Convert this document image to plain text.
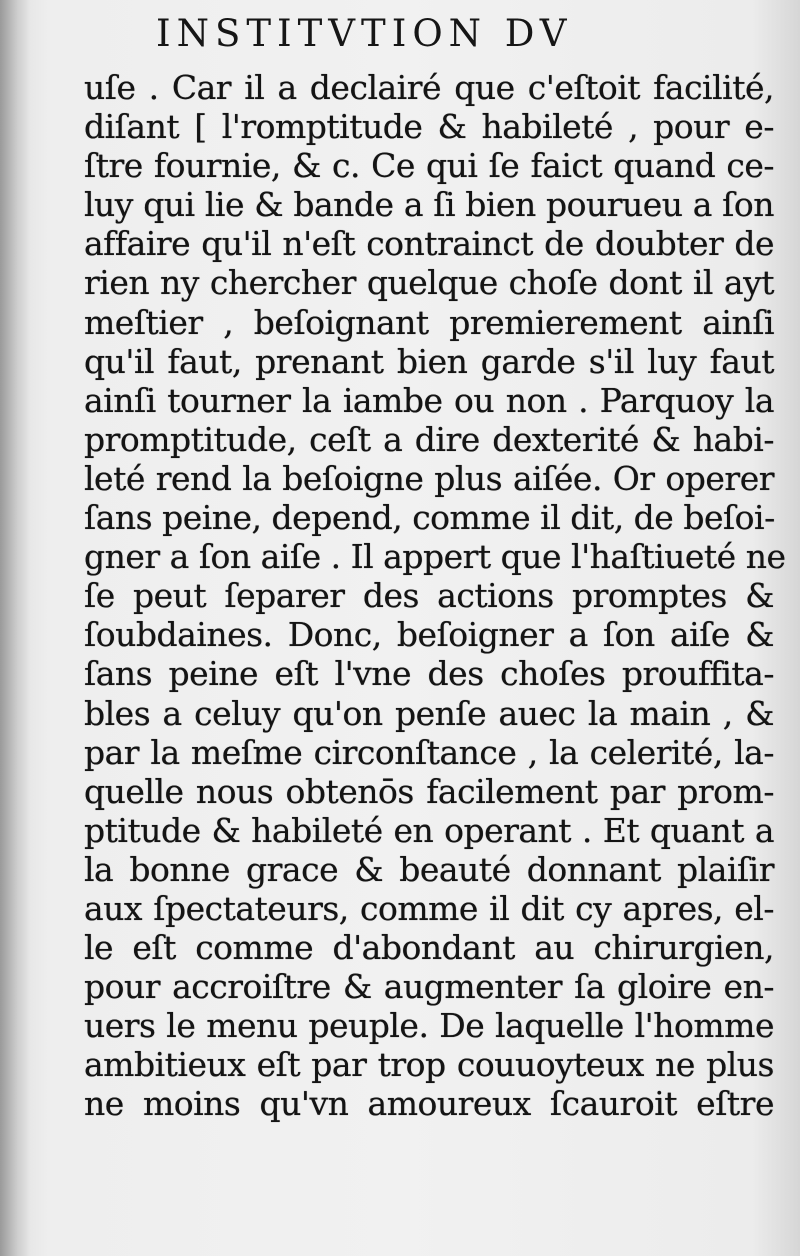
INSTITVTION DV
uſe . Car il a declairé que c'eſtoit facilité,
diſant [ l'romptitude & habileté , pour e-
ſtre fournie, & c. Ce qui ſe faict quand ce-
luy qui lie & bande a ſi bien pourueu a ſon
affaire qu'il n'eſt contrainct de doubter de
rien ny chercher quelque choſe dont il ayt
meſtier , beſoignant premierement ainſi
qu'il faut, prenant bien garde s'il luy faut
ainſi tourner la iambe ou non . Parquoy la
promptitude, ceſt a dire dexterité & habi-
leté rend la beſoigne plus aiſée. Or operer
ſans peine, depend, comme il dit, de beſoi-
gner a ſon aiſe . Il appert que l'haſtiueté ne
ſe peut ſeparer des actions promptes &
ſoubdaines. Donc, beſoigner a ſon aiſe &
ſans peine eſt l'vne des choſes prouffita-
bles a celuy qu'on penſe auec la main , &
par la meſme circonſtance , la celerité, la-
quelle nous obtenōs facilement par prom-
ptitude & habileté en operant . Et quant a
la bonne grace & beauté donnant plaiſir
aux ſpectateurs, comme il dit cy apres, el-
le eſt comme d'abondant au chirurgien,
pour accroiſtre & augmenter ſa gloire en-
uers le menu peuple. De laquelle l'homme
ambitieux eſt par trop couuoyteux ne plus
ne moins qu'vn amoureux ſcauroit eſtre
